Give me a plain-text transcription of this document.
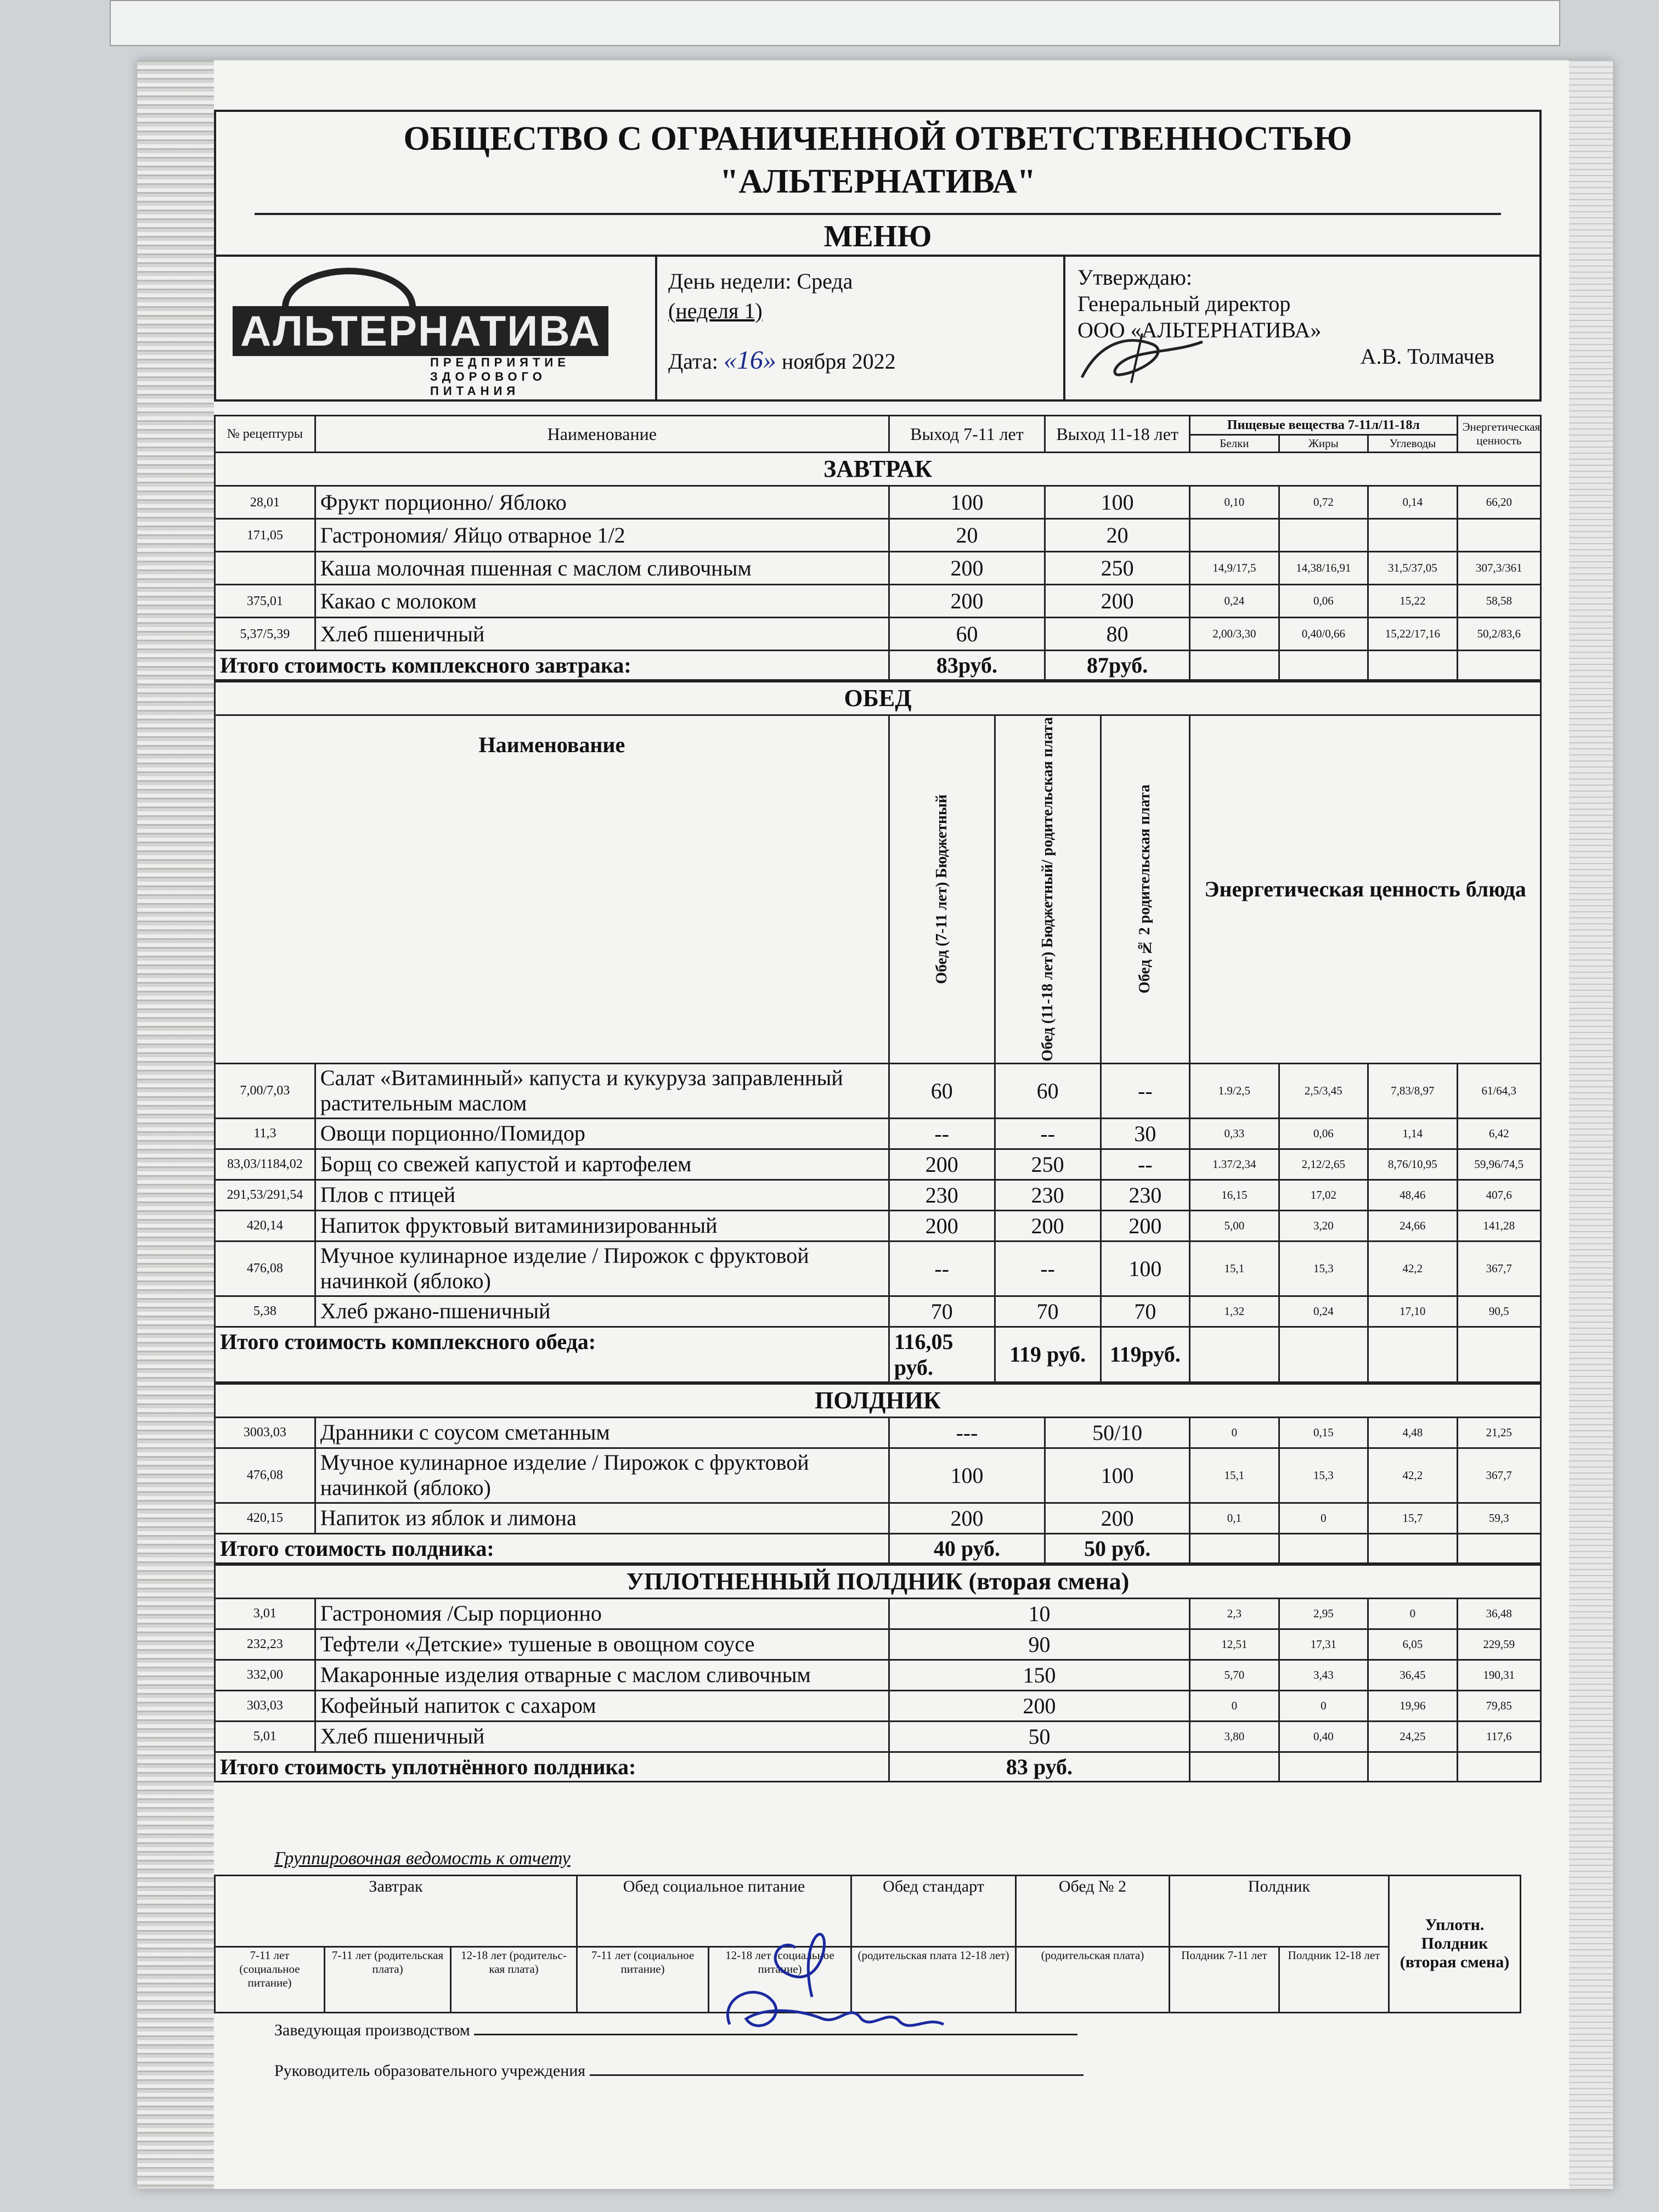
ОБЩЕСТВО С ОГРАНИЧЕННОЙ ОТВЕТСТВЕННОСТЬЮ
"АЛЬТЕРНАТИВА"
МЕНЮ
АЛЬТЕРНАТИВА
ПРЕДПРИЯТИЕ ЗДОРОВОГО ПИТАНИЯ
День недели: Среда
(неделя 1)
Дата: «16» ноября 2022
Утверждаю:
Генеральный директор
ООО «АЛЬТЕРНАТИВА»
А.В. Толмачев
№ рецептуры	Наименование	Выход 7-11 лет	Выход 11-18 лет	Пищевые вещества 7-11л/11-18л			Энергетическая ценность
				Белки	Жиры	Углеводы	
ЗАВТРАК							
28,01	Фрукт порционно/ Яблоко	100	100	0,10	0,72	0,14	66,20
171,05	Гастрономия/ Яйцо отварное 1/2	20	20				
	Каша молочная пшенная с маслом сливочным	200	250	14,9/17,5	14,38/16,91	31,5/37,05	307,3/361
375,01	Какао с молоком	200	200	0,24	0,06	15,22	58,58
5,37/5,39	Хлеб пшеничный	60	80	2,00/3,30	0,40/0,66	15,22/17,16	50,2/83,6
Итого стоимость комплексного завтрака:		83руб.	87руб.				
ОБЕД								
Наименование		Обед (7-11 лет) Бюджетный	Обед (11-18 лет) Бюджетный/ родительская плата	Обед № 2 родительская плата	Энергетическая ценность блюда			
7,00/7,03	Салат «Витаминный» капуста и кукуруза заправленный растительным маслом	60	60	--	1.9/2,5	2,5/3,45	7,83/8,97	61/64,3
11,3	Овощи порционно/Помидор	--	--	30	0,33	0,06	1,14	6,42
83,03/1184,02	Борщ со свежей капустой и картофелем	200	250	--	1.37/2,34	2,12/2,65	8,76/10,95	59,96/74,5
291,53/291,54	Плов с птицей	230	230	230	16,15	17,02	48,46	407,6
420,14	Напиток фруктовый витаминизированный	200	200	200	5,00	3,20	24,66	141,28
476,08	Мучное кулинарное изделие / Пирожок с фруктовой начинкой (яблоко)	--	--	100	15,1	15,3	42,2	367,7
5,38	Хлеб ржано-пшеничный	70	70	70	1,32	0,24	17,10	90,5
Итого стоимость комплексного обеда:		116,05 руб.	119 руб.	119руб.				
ПОЛДНИК							
3003,03	Дранники с соусом сметанным	---	50/10	0	0,15	4,48	21,25
476,08	Мучное кулинарное изделие / Пирожок с фруктовой начинкой (яблоко)	100	100	15,1	15,3	42,2	367,7
420,15	Напиток из яблок и лимона	200	200	0,1	0	15,7	59,3
Итого стоимость полдника:		40 руб.	50 руб.				
УПЛОТНЕННЫЙ ПОЛДНИК (вторая смена)						
3,01	Гастрономия /Сыр порционно	10	2,3	2,95	0	36,48
232,23	Тефтели «Детские» тушеные в овощном соусе	90	12,51	17,31	6,05	229,59
332,00	Макаронные изделия отварные с маслом сливочным	150	5,70	3,43	36,45	190,31
303,03	Кофейный напиток с сахаром	200	0	0	19,96	79,85
5,01	Хлеб пшеничный	50	3,80	0,40	24,25	117,6
Итого стоимость уплотнённого полдника:		83 руб.				
Группировочная ведомость к отчету
Завтрак			Обед социальное питание		Обед стандарт	Обед № 2	Полдник		Уплотн. Полдник (вторая смена)
7-11 лет (социальное питание)	7-11 лет (родительская плата)	12-18 лет (родительс-кая плата)	7-11 лет (социальное питание)	12-18 лет (социальное питание)	(родительская плата 12-18 лет)	(родительская плата)	Полдник 7-11 лет	Полдник 12-18 лет	
Заведующая производством
Руководитель образовательного учреждения
